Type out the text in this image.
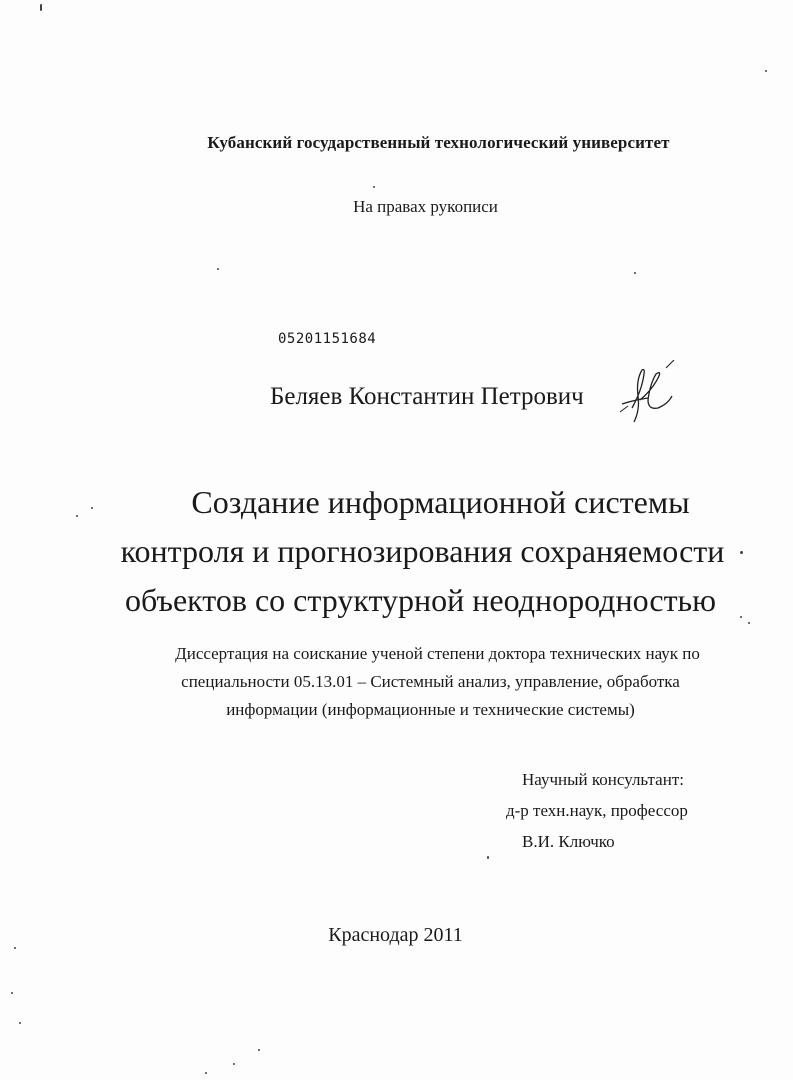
Кубанский государственный технологический университет
На правах рукописи
05201151684
Беляев Константин Петрович
Создание информационной системы
контроля и прогнозирования сохраняемости
объектов со структурной неоднородностью
Диссертация на соискание ученой степени доктора технических наук по
специальности 05.13.01 – Системный анализ, управление, обработка
информации (информационные и технические системы)
Научный консультант:
д-р техн.наук, профессор
В.И. Ключко
Краснодар 2011
